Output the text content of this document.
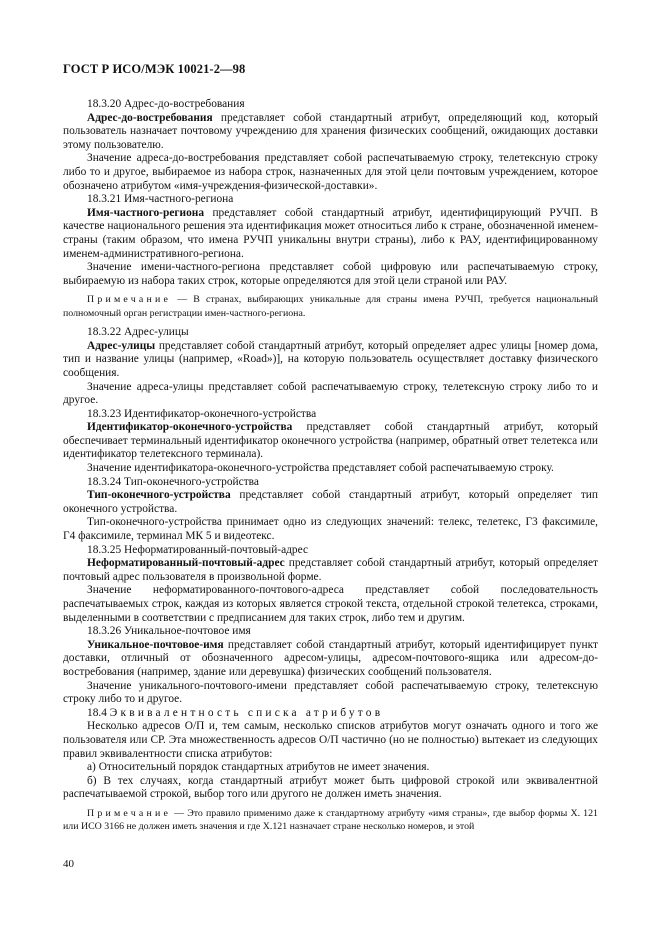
ГОСТ Р ИСО/МЭК 10021-2—98

18.3.20 Адрес-до-востребования

Адрес-до-востребования представляет собой стандартный атрибут, определяющий код, который пользователь назначает почтовому учреждению для хранения физических сообщений, ожидающих доставки этому пользователю.

Значение адреса-до-востребования представляет собой распечатываемую строку, телетексную строку либо то и другое, выбираемое из набора строк, назначенных для этой цели почтовым учреждением, которое обозначено атрибутом «имя-учреждения-физической-доставки».

18.3.21 Имя-частного-региона

Имя-частного-региона представляет собой стандартный атрибут, идентифицирующий РУЧП. В качестве национального решения эта идентификация может относиться либо к стране, обозначенной именем-страны (таким образом, что имена РУЧП уникальны внутри страны), либо к РАУ, идентифицированному именем-административного-региона.

Значение имени-частного-региона представляет собой цифровую или распечатываемую строку, выбираемую из набора таких строк, которые определяются для этой цели страной или РАУ.

Примечание — В странах, выбирающих уникальные для страны имена РУЧП, требуется национальный полномочный орган регистрации имен-частного-региона.

18.3.22 Адрес-улицы

Адрес-улицы представляет собой стандартный атрибут, который определяет адрес улицы [номер дома, тип и название улицы (например, «Road»)], на которую пользователь осуществляет доставку физического сообщения.

Значение адреса-улицы представляет собой распечатываемую строку, телетексную строку либо то и другое.

18.3.23 Идентификатор-оконечного-устройства

Идентификатор-оконечного-устройства представляет собой стандартный атрибут, который обеспечивает терминальный идентификатор оконечного устройства (например, обратный ответ телетекса или идентификатор телетексного терминала).

Значение идентификатора-оконечного-устройства представляет собой распечатываемую строку.

18.3.24 Тип-оконечного-устройства

Тип-оконечного-устройства представляет собой стандартный атрибут, который определяет тип оконечного устройства.

Тип-оконечного-устройства принимает одно из следующих значений: телекс, телетекс, Г3 факсимиле, Г4 факсимиле, терминал МК 5 и видеотекс.

18.3.25 Неформатированный-почтовый-адрес

Неформатированный-почтовый-адрес представляет собой стандартный атрибут, который определяет почтовый адрес пользователя в произвольной форме.

Значение неформатированного-почтового-адреса представляет собой последовательность распечатываемых строк, каждая из которых является строкой текста, отдельной строкой телетекса, строками, выделенными в соответствии с предписанием для таких строк, либо тем и другим.

18.3.26 Уникальное-почтовое имя

Уникальное-почтовое-имя представляет собой стандартный атрибут, который идентифицирует пункт доставки, отличный от обозначенного адресом-улицы, адресом-почтового-ящика или адресом-до-востребования (например, здание или деревушка) физических сообщений пользователя.

Значение уникального-почтового-имени представляет собой распечатываемую строку, телетексную строку либо то и другое.

18.4 Эквивалентность списка атрибутов

Несколько адресов О/П и, тем самым, несколько списков атрибутов могут означать одного и того же пользователя или СР. Эта множественность адресов О/П частично (но не полностью) вытекает из следующих правил эквивалентности списка атрибутов:

а) Относительный порядок стандартных атрибутов не имеет значения.

б) В тех случаях, когда стандартный атрибут может быть цифровой строкой или эквивалентной распечатываемой строкой, выбор того или другого не должен иметь значения.

Примечание — Это правило применимо даже к стандартному атрибуту «имя страны», где выбор формы X. 121 или ИСО 3166 не должен иметь значения и где X.121 назначает стране несколько номеров, и этой

40
